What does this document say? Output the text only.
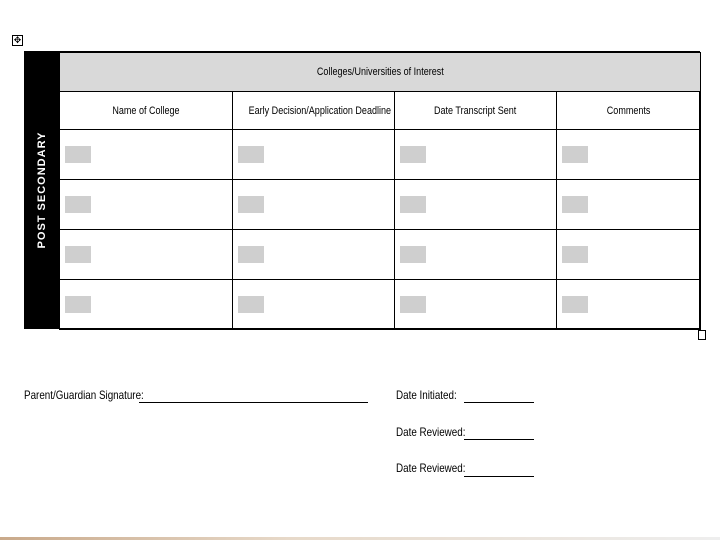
✥
POST SECONDARY
Colleges/Universities of Interest			
Name of College	Early Decision/Application Deadline	Date Transcript Sent	Comments

Parent/Guardian Signature:	Date Initiated:
Date Reviewed:
Date Reviewed:
